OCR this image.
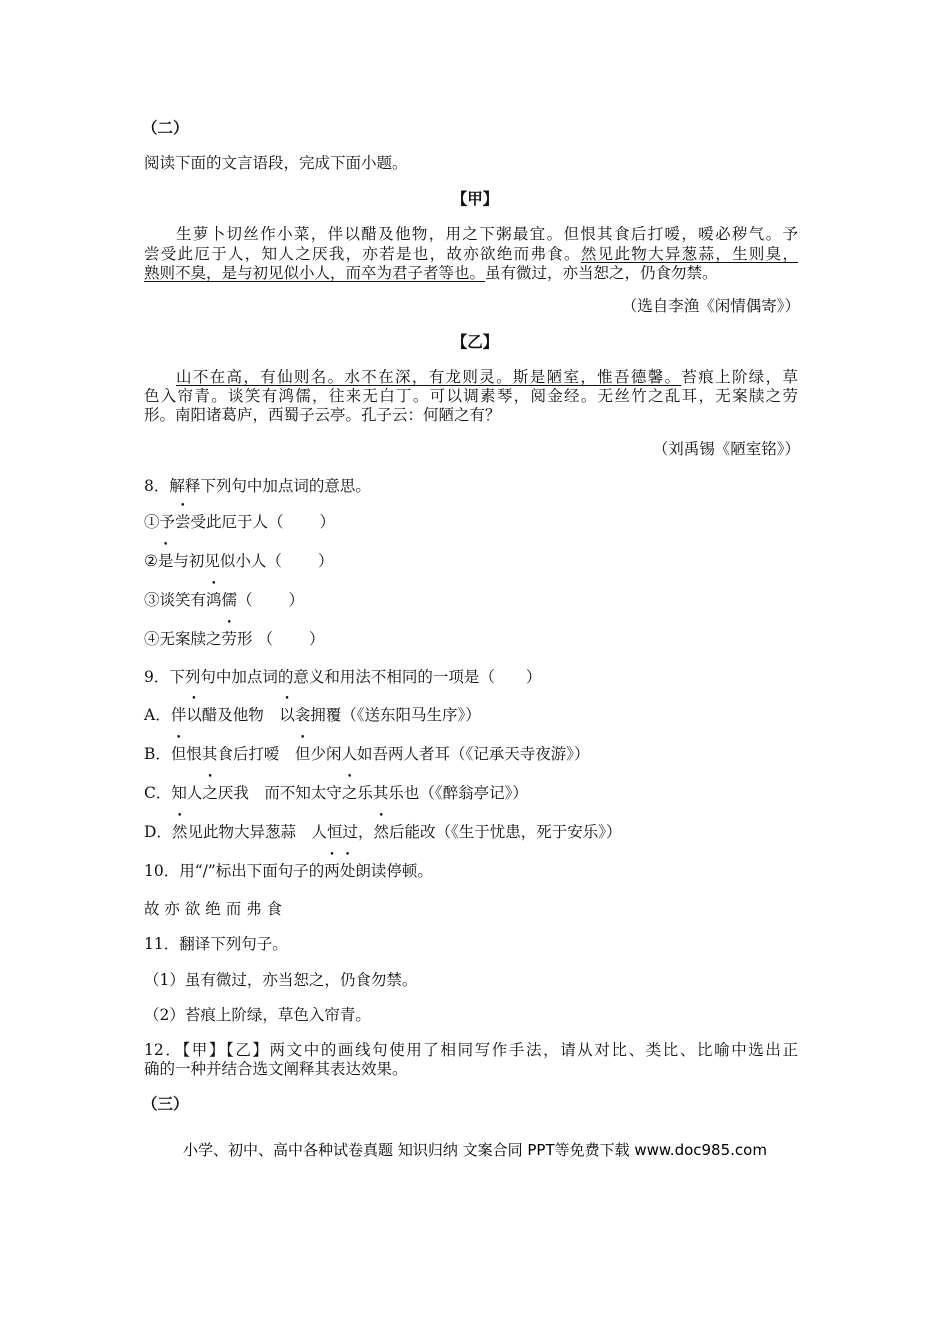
（二）
阅读下面的文言语段，完成下面小题。
【甲】
生萝卜切丝作小菜，伴以醋及他物，用之下粥最宜。但恨其食后打嗳，嗳必秽气。予
尝受此厄于人，知人之厌我，亦若是也，故亦欲绝而弗食。然见此物大异葱蒜，生则臭，
熟则不臭，是与初见似小人，而卒为君子者等也。虽有微过，亦当恕之，仍食勿禁。
（选自李渔《闲情偶寄》）
【乙】
山不在高，有仙则名。水不在深，有龙则灵。斯是陋室，惟吾德馨。苔痕上阶绿，草
色入帘青。谈笑有鸿儒，往来无白丁。可以调素琴，阅金经。无丝竹之乱耳，无案牍之劳
形。南阳诸葛庐，西蜀子云亭。孔子云：何陋之有？
（刘禹锡《陋室铭》）
8．解释下列句中加点词的意思。
①予尝受此厄于人（ ）
②是与初见似小人（ ）
③谈笑有鸿儒（ ）
④无案牍之劳形 （ ）
9．下列句中加点词的意义和用法不相同的一项是（　　）
A．伴以醋及他物　以衾拥覆（《送东阳马生序》）
B．但恨其食后打嗳　但少闲人如吾两人者耳（《记承天寺夜游》）
C．知人之厌我　而不知太守之乐其乐也（《醉翁亭记》）
D．然见此物大异葱蒜　人恒过，然后能改（《生于忧患，死于安乐》）
10．用“/”标出下面句子的两处朗读停顿。
故 亦 欲 绝 而 弗 食
11．翻译下列句子。
（1）虽有微过，亦当恕之，仍食勿禁。
（2）苔痕上阶绿，草色入帘青。
12．【甲】【乙】两文中的画线句使用了相同写作手法，请从对比、类比、比喻中选出正
确的一种并结合选文阐释其表达效果。
（三）
小学、初中、高中各种试卷真题 知识归纳 文案合同 PPT等免费下载 www.doc985.com
